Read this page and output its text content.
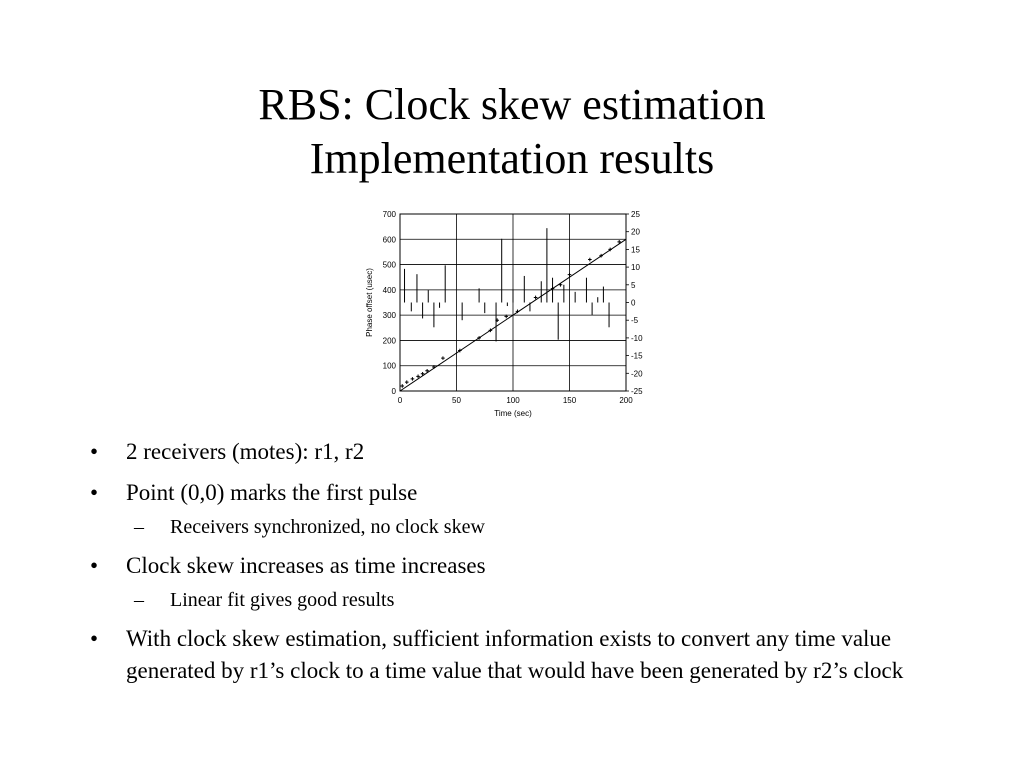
RBS: Clock skew estimation
Implementation results
0	50	100	150	200
0
100
200
300
400
500
600
700	25
20
15
10
5
0
-5
-10
-15
-20
-25
Time (sec)
Phase offset (usec)
•	2 receivers (motes): r1, r2
•	Point (0,0) marks the first pulse
–	Receivers synchronized, no clock skew
•	Clock skew increases as time increases
–	Linear fit gives good results
•	With clock skew estimation, sufficient information exists to convert any time value generated by r1’s clock to a time value that would have been generated by r2’s clock
